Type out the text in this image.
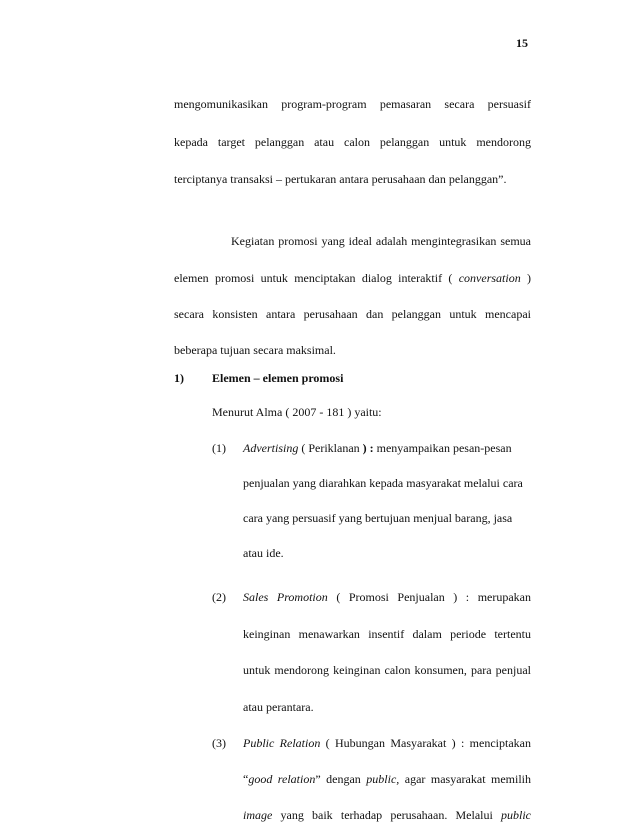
15
mengomunikasikan program-program pemasaran secara persuasif
kepada target pelanggan atau calon pelanggan untuk mendorong
terciptanya transaksi – pertukaran antara perusahaan dan pelanggan”.
Kegiatan promosi yang ideal adalah mengintegrasikan semua
elemen promosi untuk menciptakan dialog interaktif ( conversation )
secara konsisten antara perusahaan dan pelanggan untuk mencapai
beberapa tujuan secara maksimal.
1) Elemen – elemen promosi
Menurut Alma ( 2007 - 181 ) yaitu:
(1) Advertising ( Periklanan ) : menyampaikan pesan-pesan
penjualan yang diarahkan kepada masyarakat melalui cara
cara yang persuasif yang bertujuan menjual barang, jasa
atau ide.
(2) Sales Promotion ( Promosi Penjualan ) : merupakan
keinginan menawarkan insentif dalam periode tertentu
untuk mendorong keinginan calon konsumen, para penjual
atau perantara.
(3) Public Relation ( Hubungan Masyarakat ) : menciptakan
“good relation” dengan public, agar masyarakat memilih
image yang baik terhadap perusahaan. Melalui public
